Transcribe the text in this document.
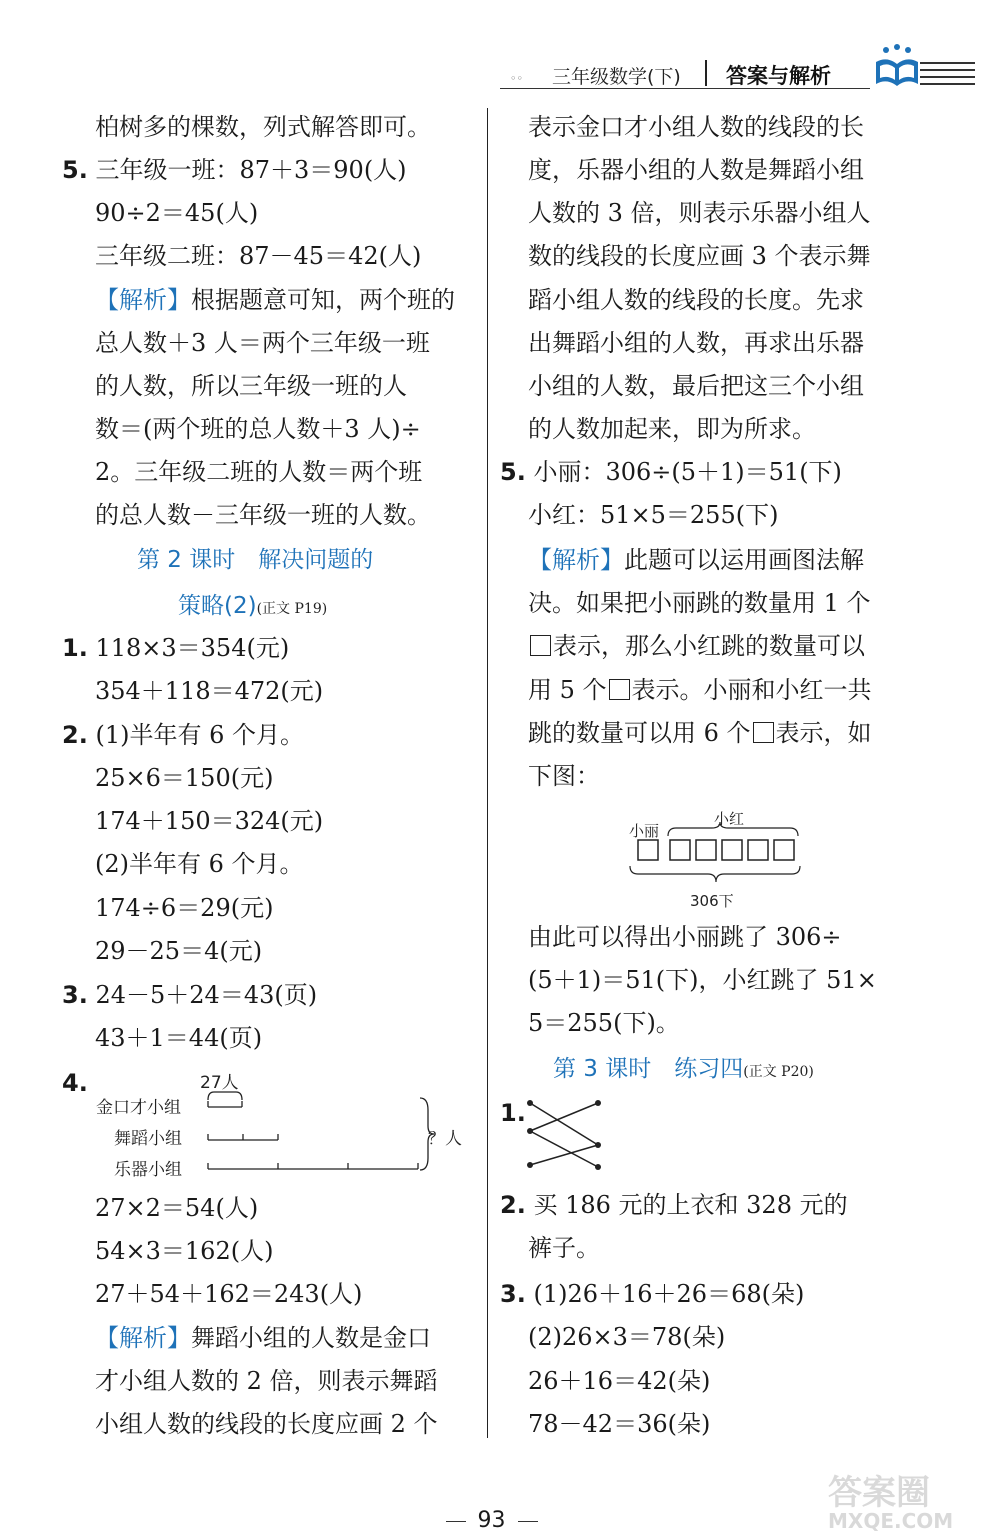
◦◦ 三年级数学(下) 答案与解析
柏树多的棵数，列式解答即可。
5. 三年级一班：87＋3＝90(人)
90÷2＝45(人)
三年级二班：87－45＝42(人)
【解析】根据题意可知，两个班的
总人数＋3 人＝两个三年级一班
的人数，所以三年级一班的人
数＝(两个班的总人数＋3 人)÷
2。三年级二班的人数＝两个班
的总人数－三年级一班的人数。
第 2 课时　解决问题的
策略(2)(正文 P19)
1. 118×3＝354(元)
354＋118＝472(元)
2. (1)半年有 6 个月。
25×6＝150(元)
174＋150＝324(元)
(2)半年有 6 个月。
174÷6＝29(元)
29－25＝4(元)
3. 24－5＋24＝43(页)
43＋1＝44(页)
4.	27人
金口才小组
舞蹈小组
乐器小组
？人
27×2＝54(人)
54×3＝162(人)
27＋54＋162＝243(人)
【解析】舞蹈小组的人数是金口
才小组人数的 2 倍，则表示舞蹈
小组人数的线段的长度应画 2 个
表示金口才小组人数的线段的长
度，乐器小组的人数是舞蹈小组
人数的 3 倍，则表示乐器小组人
数的线段的长度应画 3 个表示舞
蹈小组人数的线段的长度。先求
出舞蹈小组的人数，再求出乐器
小组的人数，最后把这三个小组
的人数加起来，即为所求。
5. 小丽：306÷(5＋1)＝51(下)
小红：51×5＝255(下)
【解析】此题可以运用画图法解
决。如果把小丽跳的数量用 1 个
表示，那么小红跳的数量可以
用 5 个 表示。小丽和小红一共
跳的数量可以用 6 个 表示，如
下图：
小丽
小红
306下
由此可以得出小丽跳了 306÷
(5＋1)＝51(下)，小红跳了 51×
5＝255(下)。
第 3 课时　练习四(正文 P20)
1.
2. 买 186 元的上衣和 328 元的
裤子。
3. (1)26＋16＋26＝68(朵)
(2)26×3＝78(朵)
26＋16＝42(朵)
78－42＝36(朵)
93
答案圈
MXQE.COM
